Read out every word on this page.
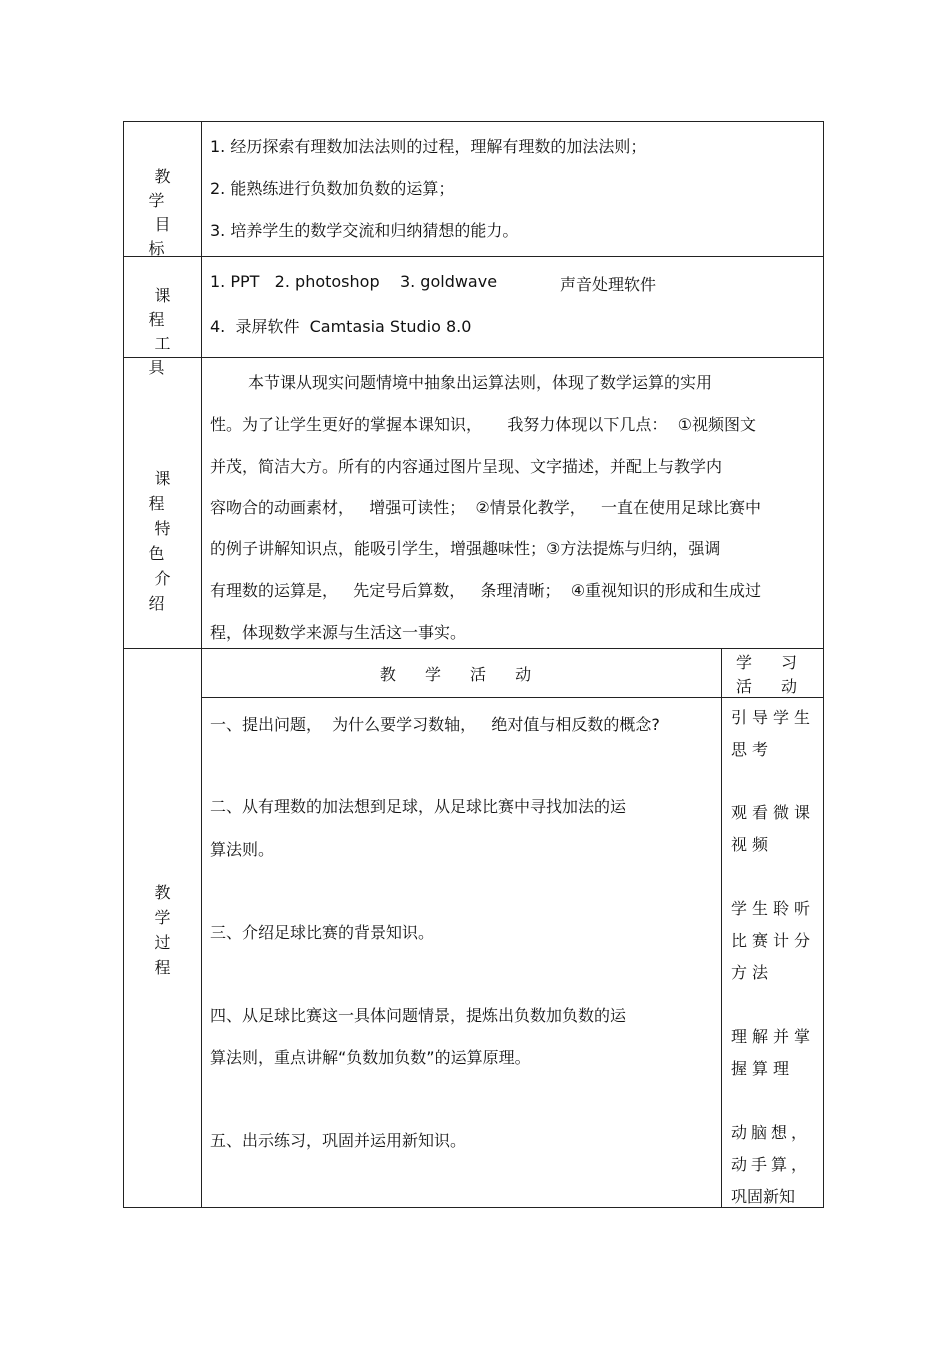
教 学
目 标
1. 经历探索有理数加法法则的过程，理解有理数的加法法则；
2. 能熟练进行负数加负数的运算；
3. 培养学生的数学交流和归纳猜想的能力。
课 程
工 具
1. PPT   2. photoshop    3. goldwave	声音处理软件
4.  录屏软件  Camtasia Studio 8.0
课 程
特 色
介 绍
本节课从现实问题情境中抽象出运算法则，体现了数学运算的实用
性。为了让学生更好的掌握本课知识，     我努力体现以下几点：  ①视频图文
并茂，简洁大方。所有的内容通过图片呈现、文字描述，并配上与教学内
容吻合的动画素材，   增强可读性；  ②情景化教学，   一直在使用足球比赛中
的例子讲解知识点，能吸引学生，增强趣味性；③方法提炼与归纳，强调
有理数的运算是，   先定号后算数，   条理清晰；  ④重视知识的形成和生成过
程，体现数学来源与生活这一事实。
教
学
过
程
教 学 活 动
学 习
活 动
一、提出问题，  为什么要学习数轴，   绝对值与相反数的概念?
二、从有理数的加法想到足球，从足球比赛中寻找加法的运
算法则。
三、介绍足球比赛的背景知识。
四、从足球比赛这一具体问题情景，提炼出负数加负数的运
算法则，重点讲解“负数加负数”的运算原理。
五、出示练习，巩固并运用新知识。
引导学生
思考
观看微课
视频
学生聆听
比赛计分
方法
理解并掌
握算理
动脑想，
动手算，
巩固新知
